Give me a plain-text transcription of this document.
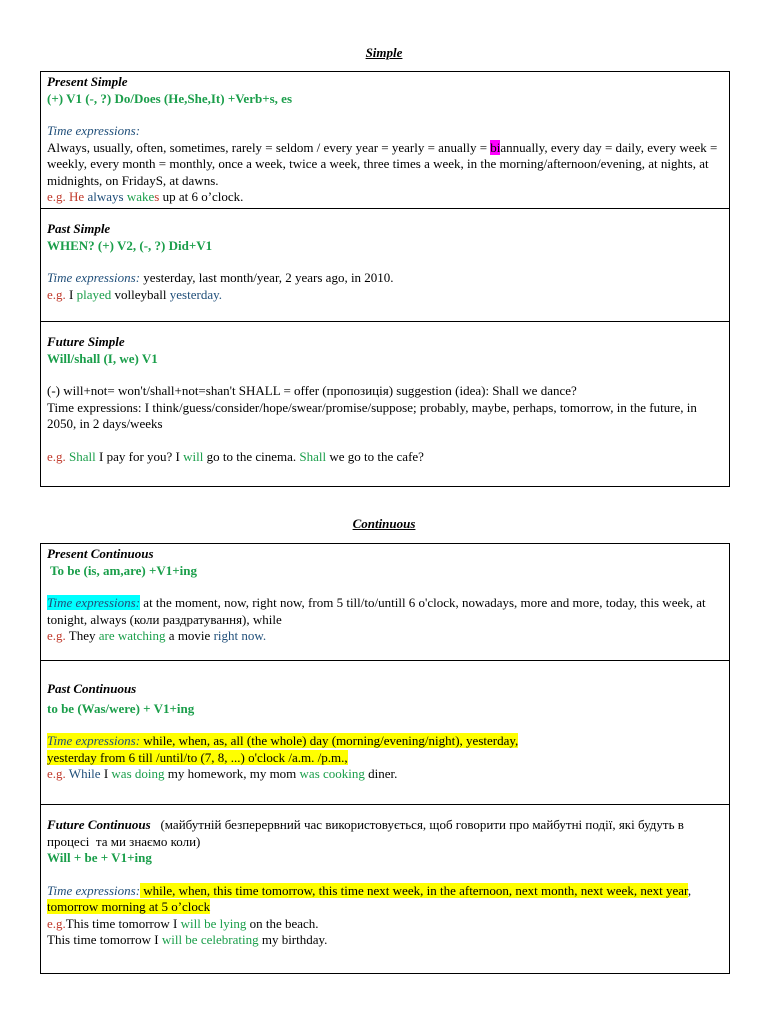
Simple
Present Simple
(+) V1 (-, ?) Do/Does (He,She,It) +Verb+s, es
Time expressions:
Always, usually, often, sometimes, rarely = seldom / every year = yearly = anually = biannually, every day = daily, every week = weekly, every month = monthly, once a week, twice a week, three times a week, in the morning/afternoon/evening, at nights, at midnights, on FridayS, at dawns.
e.g. He always wakes up at 6 o’clock.
Past Simple
WHEN? (+) V2, (-, ?) Did+V1
Time expressions: yesterday, last month/year, 2 years ago, in 2010.
e.g. I played volleyball yesterday.
Future Simple
Will/shall (I, we) V1
(-) will+not= won't/shall+not=shan't SHALL = offer (пропозиція) suggestion (idea): Shall we dance?
Time expressions: I think/guess/consider/hope/swear/promise/suppose; probably, maybe, perhaps, tomorrow, in the future, in 2050, in 2 days/weeks
e.g. Shall I pay for you? I will go to the cinema. Shall we go to the cafe?
Continuous
Present Continuous
To be (is, am,are) +V1+ing
Time expressions: at the moment, now, right now, from 5 till/to/untill 6 o'clock, nowadays, more and more, today, this week, at tonight, always (коли раздратування), while
e.g. They are watching a movie right now.
Past Continuous
to be (Was/were) + V1+ing
Time expressions: while, when, as, all (the whole) day (morning/evening/night), yesterday,
yesterday from 6 till /until/to (7, 8, ...) o'clock /a.m. /p.m.,
e.g. While I was doing my homework, my mom was cooking diner.
Future Continuous   (майбутній безперервний час використовується, щоб говорити про майбутні події, які будуть в процесі  та ми знаємо коли)
Will + be + V1+ing
Time expressions: while, when, this time tomorrow, this time next week, in the afternoon, next month, next week, next year, tomorrow morning at 5 o’clock
e.g.This time tomorrow I will be lying on the beach.
This time tomorrow I will be celebrating my birthday.
